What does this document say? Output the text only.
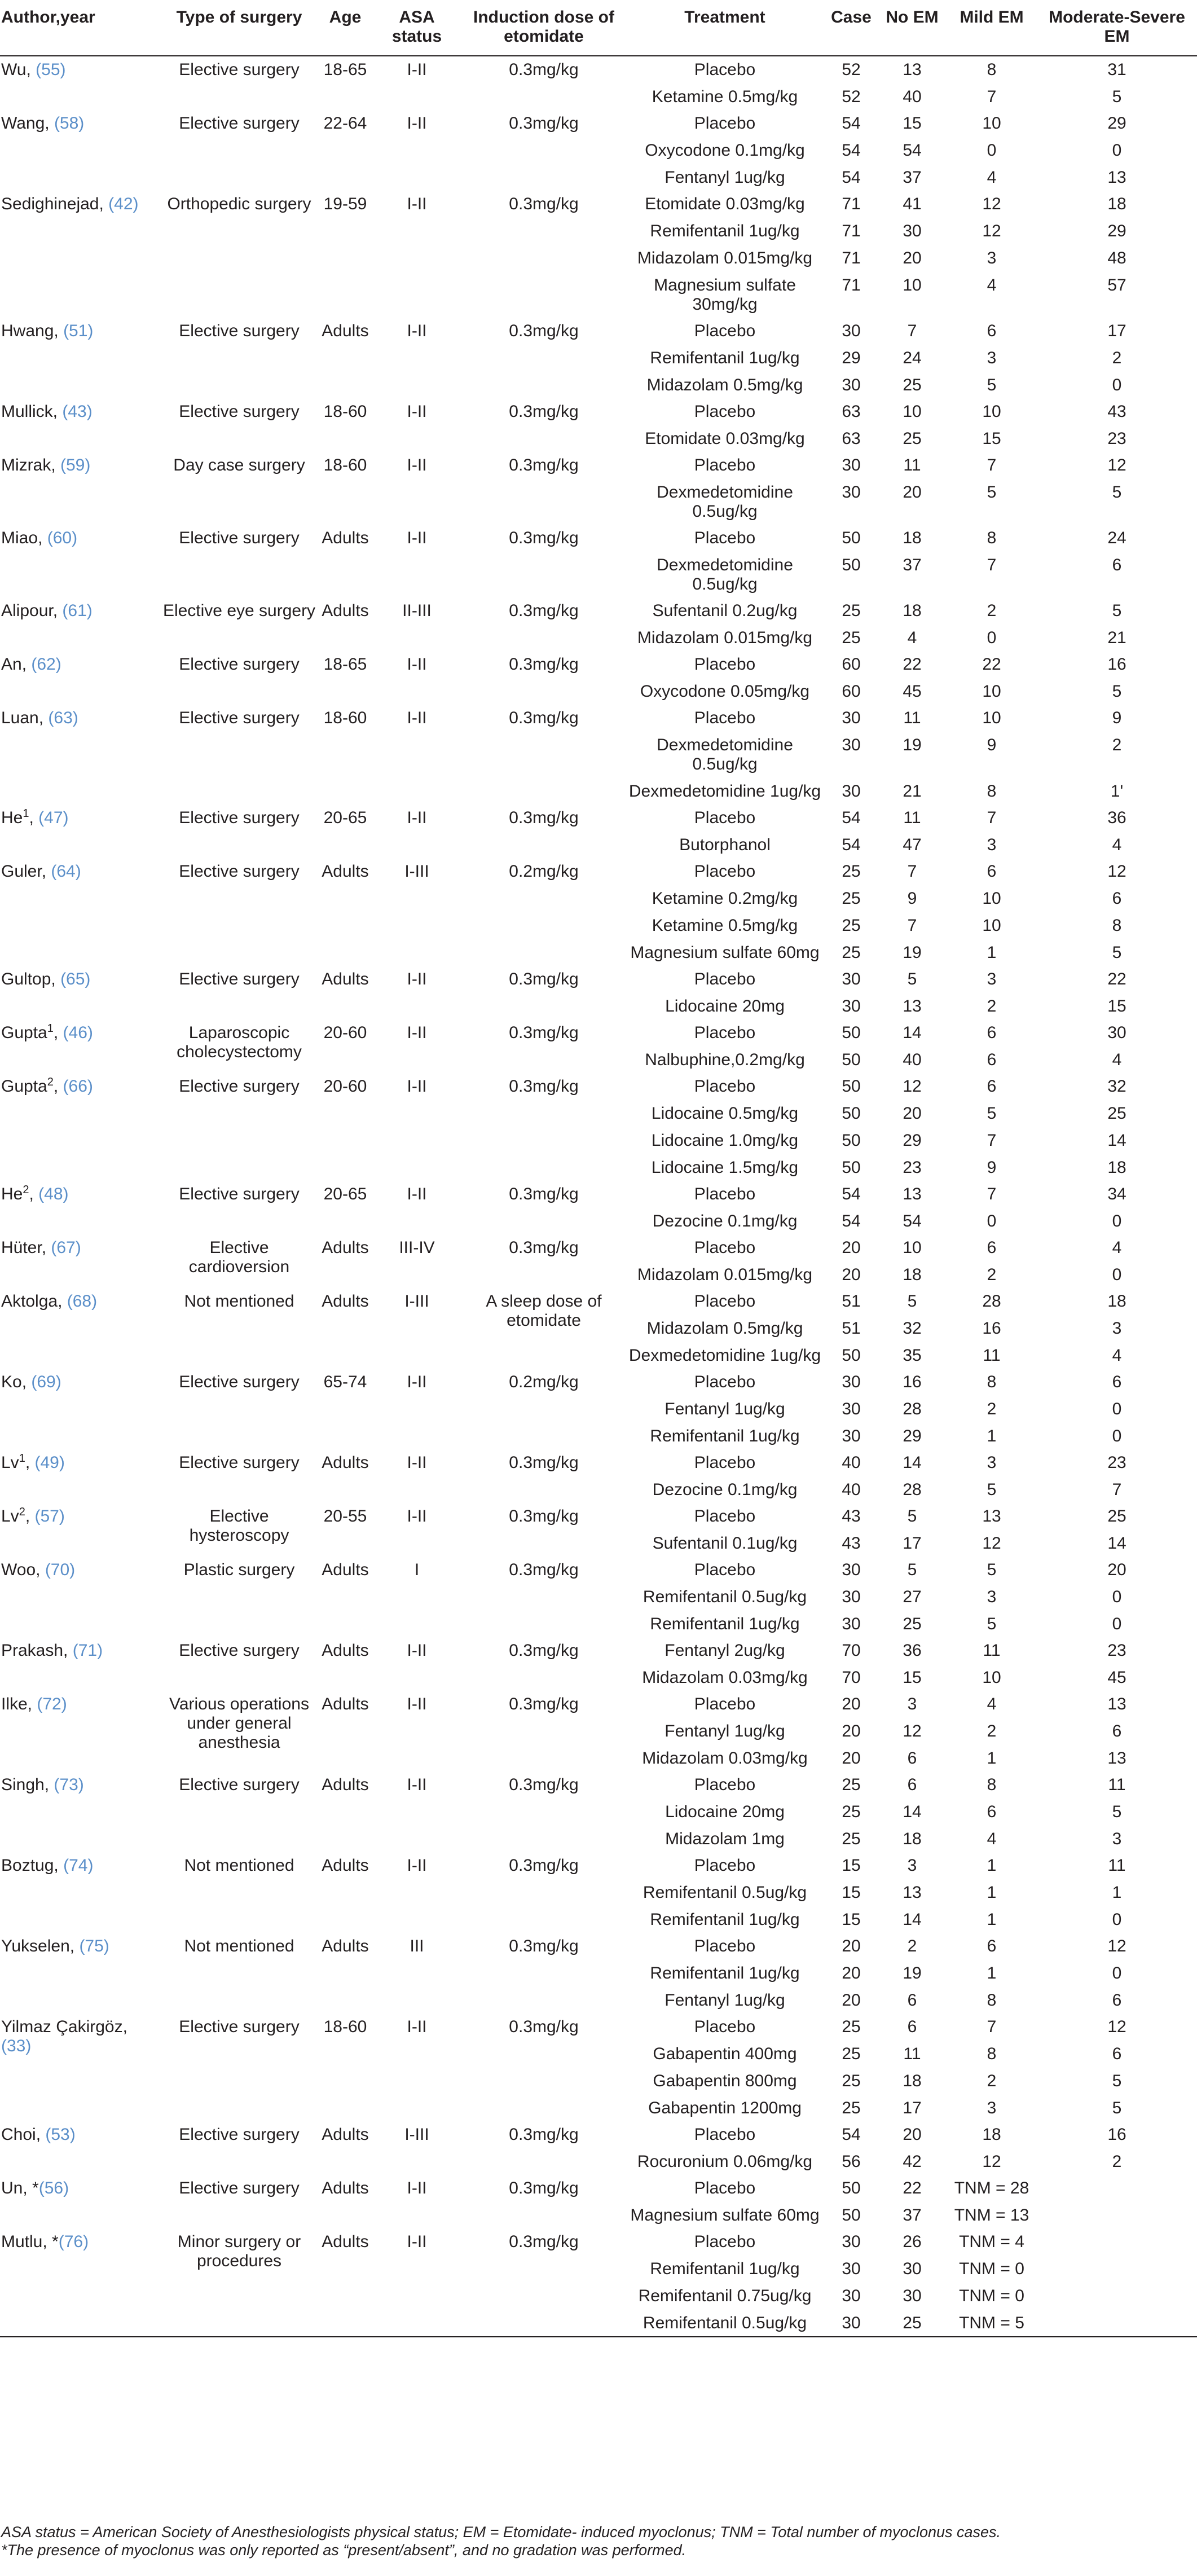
Author,year	Type of surgery	Age	ASA status	Induction dose of etomidate	Treatment	Case	No EM	Mild EM	Moderate-Severe EM
Wu, (55)	Elective surgery	18-65	I-II	0.3mg/kg	Placebo	52	13	8	31
					Ketamine 0.5mg/kg	52	40	7	5
Wang, (58)	Elective surgery	22-64	I-II	0.3mg/kg	Placebo	54	15	10	29
					Oxycodone 0.1mg/kg	54	54	0	0
					Fentanyl 1ug/kg	54	37	4	13
Sedighinejad, (42)	Orthopedic surgery	19-59	I-II	0.3mg/kg	Etomidate 0.03mg/kg	71	41	12	18
					Remifentanil 1ug/kg	71	30	12	29
					Midazolam 0.015mg/kg	71	20	3	48
					Magnesium sulfate 30mg/kg	71	10	4	57
Hwang, (51)	Elective surgery	Adults	I-II	0.3mg/kg	Placebo	30	7	6	17
					Remifentanil 1ug/kg	29	24	3	2
					Midazolam 0.5mg/kg	30	25	5	0
Mullick, (43)	Elective surgery	18-60	I-II	0.3mg/kg	Placebo	63	10	10	43
					Etomidate 0.03mg/kg	63	25	15	23
Mizrak, (59)	Day case surgery	18-60	I-II	0.3mg/kg	Placebo	30	11	7	12
					Dexmedetomidine 0.5ug/kg	30	20	5	5
Miao, (60)	Elective surgery	Adults	I-II	0.3mg/kg	Placebo	50	18	8	24
					Dexmedetomidine 0.5ug/kg	50	37	7	6
Alipour, (61)	Elective eye surgery	Adults	II-III	0.3mg/kg	Sufentanil 0.2ug/kg	25	18	2	5
					Midazolam 0.015mg/kg	25	4	0	21
An, (62)	Elective surgery	18-65	I-II	0.3mg/kg	Placebo	60	22	22	16
					Oxycodone 0.05mg/kg	60	45	10	5
Luan, (63)	Elective surgery	18-60	I-II	0.3mg/kg	Placebo	30	11	10	9
					Dexmedetomidine 0.5ug/kg	30	19	9	2
					Dexmedetomidine 1ug/kg	30	21	8	1'
He$^1$, (47)	Elective surgery	20-65	I-II	0.3mg/kg	Placebo	54	11	7	36
					Butorphanol	54	47	3	4
Guler, (64)	Elective surgery	Adults	I-III	0.2mg/kg	Placebo	25	7	6	12
					Ketamine 0.2mg/kg	25	9	10	6
					Ketamine 0.5mg/kg	25	7	10	8
					Magnesium sulfate 60mg	25	19	1	5
Gultop, (65)	Elective surgery	Adults	I-II	0.3mg/kg	Placebo	30	5	3	22
					Lidocaine 20mg	30	13	2	15
Gupta$^1$, (46)	Laparoscopic cholecystectomy	20-60	I-II	0.3mg/kg	Placebo	50	14	6	30
					Nalbuphine,0.2mg/kg	50	40	6	4
Gupta$^2$, (66)	Elective surgery	20-60	I-II	0.3mg/kg	Placebo	50	12	6	32
					Lidocaine 0.5mg/kg	50	20	5	25
					Lidocaine 1.0mg/kg	50	29	7	14
					Lidocaine 1.5mg/kg	50	23	9	18
He$^2$, (48)	Elective surgery	20-65	I-II	0.3mg/kg	Placebo	54	13	7	34
					Dezocine 0.1mg/kg	54	54	0	0
Hüter, (67)	Elective cardioversion	Adults	III-IV	0.3mg/kg	Placebo	20	10	6	4
					Midazolam 0.015mg/kg	20	18	2	0
Aktolga, (68)	Not mentioned	Adults	I-III	A sleep dose of etomidate	Placebo	51	5	28	18
					Midazolam 0.5mg/kg	51	32	16	3
					Dexmedetomidine 1ug/kg	50	35	11	4
Ko, (69)	Elective surgery	65-74	I-II	0.2mg/kg	Placebo	30	16	8	6
					Fentanyl 1ug/kg	30	28	2	0
					Remifentanil 1ug/kg	30	29	1	0
Lv$^1$, (49)	Elective surgery	Adults	I-II	0.3mg/kg	Placebo	40	14	3	23
					Dezocine 0.1mg/kg	40	28	5	7
Lv$^2$, (57)	Elective hysteroscopy	20-55	I-II	0.3mg/kg	Placebo	43	5	13	25
					Sufentanil 0.1ug/kg	43	17	12	14
Woo, (70)	Plastic surgery	Adults	I	0.3mg/kg	Placebo	30	5	5	20
					Remifentanil 0.5ug/kg	30	27	3	0
					Remifentanil 1ug/kg	30	25	5	0
Prakash, (71)	Elective surgery	Adults	I-II	0.3mg/kg	Fentanyl 2ug/kg	70	36	11	23
					Midazolam 0.03mg/kg	70	15	10	45
Ilke, (72)	Various operations under general anesthesia	Adults	I-II	0.3mg/kg	Placebo	20	3	4	13
					Fentanyl 1ug/kg	20	12	2	6
					Midazolam 0.03mg/kg	20	6	1	13
Singh, (73)	Elective surgery	Adults	I-II	0.3mg/kg	Placebo	25	6	8	11
					Lidocaine 20mg	25	14	6	5
					Midazolam 1mg	25	18	4	3
Boztug, (74)	Not mentioned	Adults	I-II	0.3mg/kg	Placebo	15	3	1	11
					Remifentanil 0.5ug/kg	15	13	1	1
					Remifentanil 1ug/kg	15	14	1	0
Yukselen, (75)	Not mentioned	Adults	III	0.3mg/kg	Placebo	20	2	6	12
					Remifentanil 1ug/kg	20	19	1	0
					Fentanyl 1ug/kg	20	6	8	6
Yilmaz Çakirgöz, (33)	Elective surgery	18-60	I-II	0.3mg/kg	Placebo	25	6	7	12
					Gabapentin 400mg	25	11	8	6
					Gabapentin 800mg	25	18	2	5
					Gabapentin 1200mg	25	17	3	5
Choi, (53)	Elective surgery	Adults	I-III	0.3mg/kg	Placebo	54	20	18	16
					Rocuronium 0.06mg/kg	56	42	12	2
Un, *(56)	Elective surgery	Adults	I-II	0.3mg/kg	Placebo	50	22	TNM = 28	
					Magnesium sulfate 60mg	50	37	TNM = 13	
Mutlu, *(76)	Minor surgery or procedures	Adults	I-II	0.3mg/kg	Placebo	30	26	TNM = 4	
					Remifentanil 1ug/kg	30	30	TNM = 0	
					Remifentanil 0.75ug/kg	30	30	TNM = 0	
					Remifentanil 0.5ug/kg	30	25	TNM = 5	
ASA status = American Society of Anesthesiologists physical status; EM = Etomidate- induced myoclonus; TNM = Total number of myoclonus cases.
*The presence of myoclonus was only reported as “present/absent”, and no gradation was performed.
